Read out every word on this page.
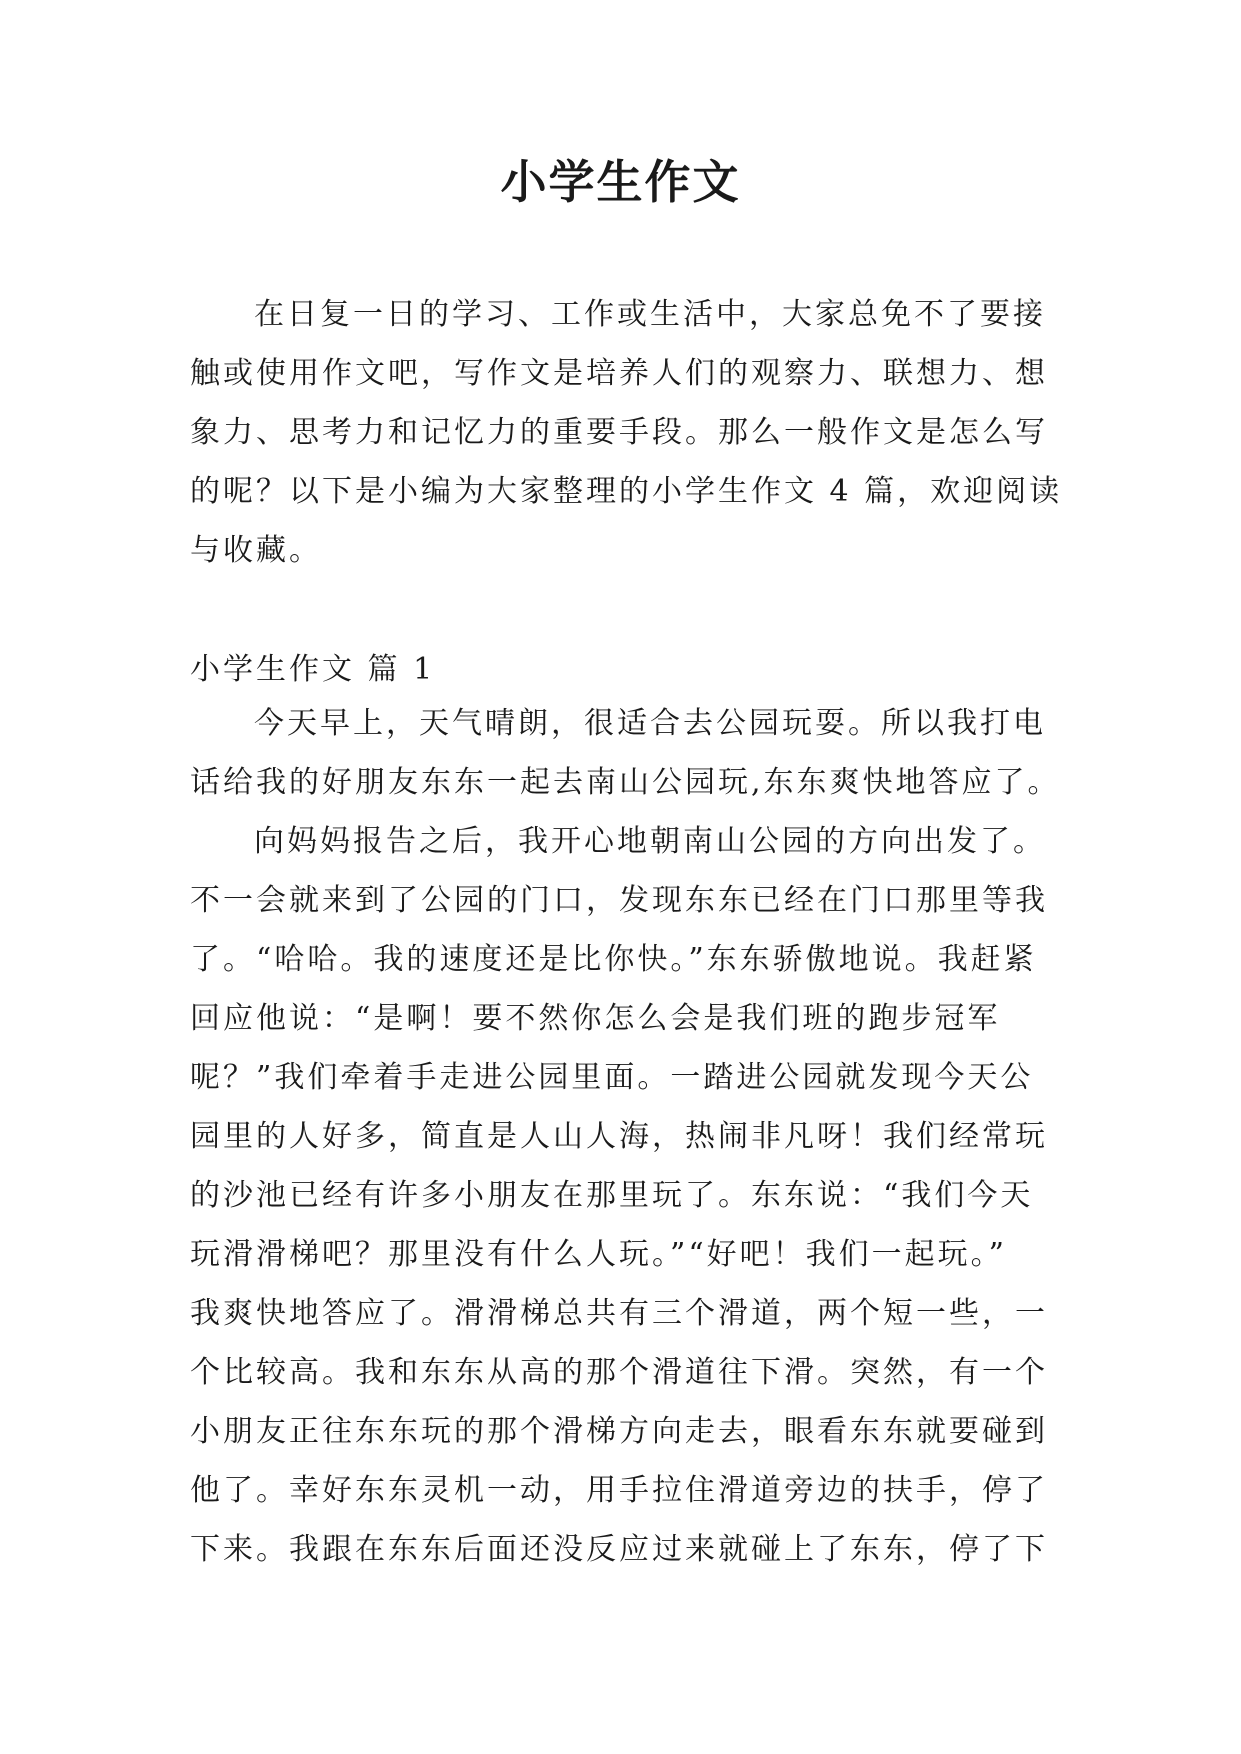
小学生作文
在日复一日的学习、工作或生活中，大家总免不了要接
触或使用作文吧，写作文是培养人们的观察力、联想力、想
象力、思考力和记忆力的重要手段。那么一般作文是怎么写
的呢？以下是小编为大家整理的小学生作文 4 篇，欢迎阅读
与收藏。
小学生作文 篇 1
今天早上，天气晴朗，很适合去公园玩耍。所以我打电
话给我的好朋友东东一起去南山公园玩,东东爽快地答应了。
向妈妈报告之后，我开心地朝南山公园的方向出发了。
不一会就来到了公园的门口，发现东东已经在门口那里等我
了。“哈哈。我的速度还是比你快。”东东骄傲地说。我赶紧
回应他说：“是啊！要不然你怎么会是我们班的跑步冠军
呢？”我们牵着手走进公园里面。一踏进公园就发现今天公
园里的人好多，简直是人山人海，热闹非凡呀！我们经常玩
的沙池已经有许多小朋友在那里玩了。东东说：“我们今天
玩滑滑梯吧？那里没有什么人玩。”“好吧！我们一起玩。”
我爽快地答应了。滑滑梯总共有三个滑道，两个短一些，一
个比较高。我和东东从高的那个滑道往下滑。突然，有一个
小朋友正往东东玩的那个滑梯方向走去，眼看东东就要碰到
他了。幸好东东灵机一动，用手拉住滑道旁边的扶手，停了
下来。我跟在东东后面还没反应过来就碰上了东东，停了下
